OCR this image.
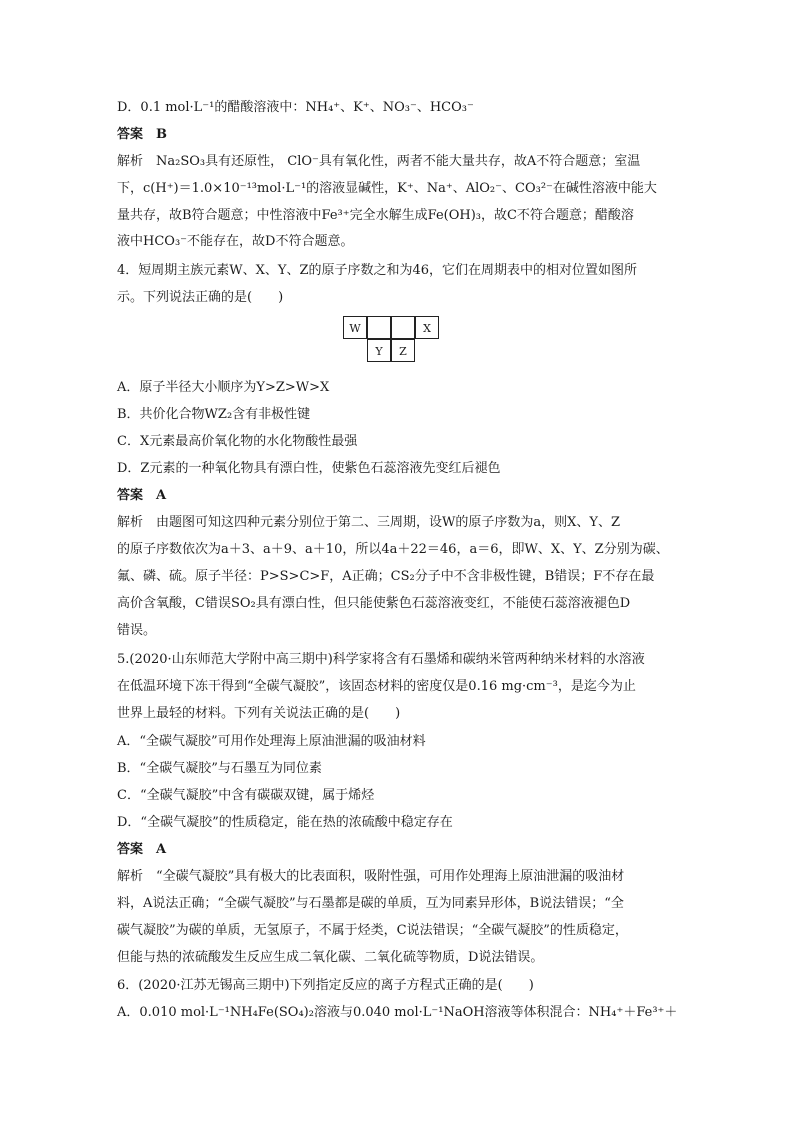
D．0.1 mol·L⁻¹的醋酸溶液中：NH₄⁺、K⁺、NO₃⁻、HCO₃⁻
答案　B
解析　Na₂SO₃具有还原性， ClO⁻具有氧化性，两者不能大量共存，故A不符合题意；室温
下，c(H⁺)＝1.0×10⁻¹³mol·L⁻¹的溶液显碱性，K⁺、Na⁺、AlO₂⁻、CO₃²⁻在碱性溶液中能大
量共存，故B符合题意；中性溶液中Fe³⁺完全水解生成Fe(OH)₃，故C不符合题意；醋酸溶
液中HCO₃⁻不能存在，故D不符合题意。
4．短周期主族元素W、X、Y、Z的原子序数之和为46，它们在周期表中的相对位置如图所
示。下列说法正确的是(　　)
W	X
Y	Z
A．原子半径大小顺序为Y>Z>W>X
B．共价化合物WZ₂含有非极性键
C．X元素最高价氧化物的水化物酸性最强
D．Z元素的一种氧化物具有漂白性，使紫色石蕊溶液先变红后褪色
答案　A
解析　由题图可知这四种元素分别位于第二、三周期，设W的原子序数为a，则X、Y、Z
的原子序数依次为a＋3、a＋9、a＋10，所以4a＋22＝46，a＝6，即W、X、Y、Z分别为碳、
氟、磷、硫。原子半径：P>S>C>F，A正确；CS₂分子中不含非极性键，B错误；F不存在最
高价含氧酸，C错误SO₂具有漂白性，但只能使紫色石蕊溶液变红，不能使石蕊溶液褪色D
错误。
5.(2020·山东师范大学附中高三期中)科学家将含有石墨烯和碳纳米管两种纳米材料的水溶液
在低温环境下冻干得到“全碳气凝胶”，该固态材料的密度仅是0.16 mg·cm⁻³，是迄今为止
世界上最轻的材料。下列有关说法正确的是(　　)
A．“全碳气凝胶”可用作处理海上原油泄漏的吸油材料
B．“全碳气凝胶”与石墨互为同位素
C．“全碳气凝胶”中含有碳碳双键，属于烯烃
D．“全碳气凝胶”的性质稳定，能在热的浓硫酸中稳定存在
答案　A
解析　“全碳气凝胶”具有极大的比表面积，吸附性强，可用作处理海上原油泄漏的吸油材
料，A说法正确；“全碳气凝胶”与石墨都是碳的单质，互为同素异形体，B说法错误；“全
碳气凝胶”为碳的单质，无氢原子，不属于烃类，C说法错误；“全碳气凝胶”的性质稳定，
但能与热的浓硫酸发生反应生成二氧化碳、二氧化硫等物质，D说法错误。
6．(2020·江苏无锡高三期中)下列指定反应的离子方程式正确的是(　　)
A．0.010 mol·L⁻¹NH₄Fe(SO₄)₂溶液与0.040 mol·L⁻¹NaOH溶液等体积混合：NH₄⁺＋Fe³⁺＋
